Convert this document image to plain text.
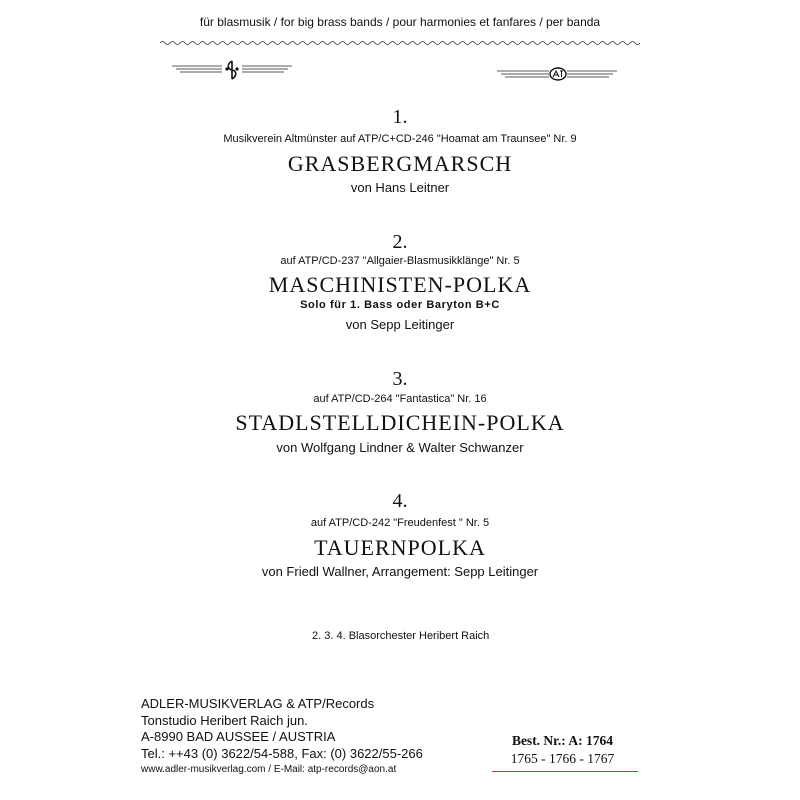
für blasmusik / for big brass bands / pour harmonies et fanfares / per banda
1.
Musikverein Altmünster auf ATP/C+CD-246 "Hoamat am Traunsee" Nr. 9
GRASBERGMARSCH
von Hans Leitner
2.
auf ATP/CD-237 "Allgaier-Blasmusikklänge" Nr. 5
MASCHINISTEN-POLKA
Solo für 1. Bass oder Baryton B+C
von Sepp Leitinger
3.
auf ATP/CD-264 "Fantastica" Nr. 16
STADLSTELLDICHEIN-POLKA
von Wolfgang Lindner & Walter Schwanzer
4.
auf ATP/CD-242 "Freudenfest " Nr. 5
TAUERNPOLKA
von Friedl Wallner, Arrangement: Sepp Leitinger
2. 3. 4. Blasorchester Heribert Raich
ADLER-MUSIKVERLAG & ATP/Records
Tonstudio Heribert Raich jun.
A-8990 BAD AUSSEE / AUSTRIA
Tel.: ++43 (0) 3622/54-588, Fax: (0) 3622/55-266
www.adler-musikverlag.com / E-Mail: atp-records@aon.at
Best. Nr.: A: 1764
1765 - 1766 - 1767
